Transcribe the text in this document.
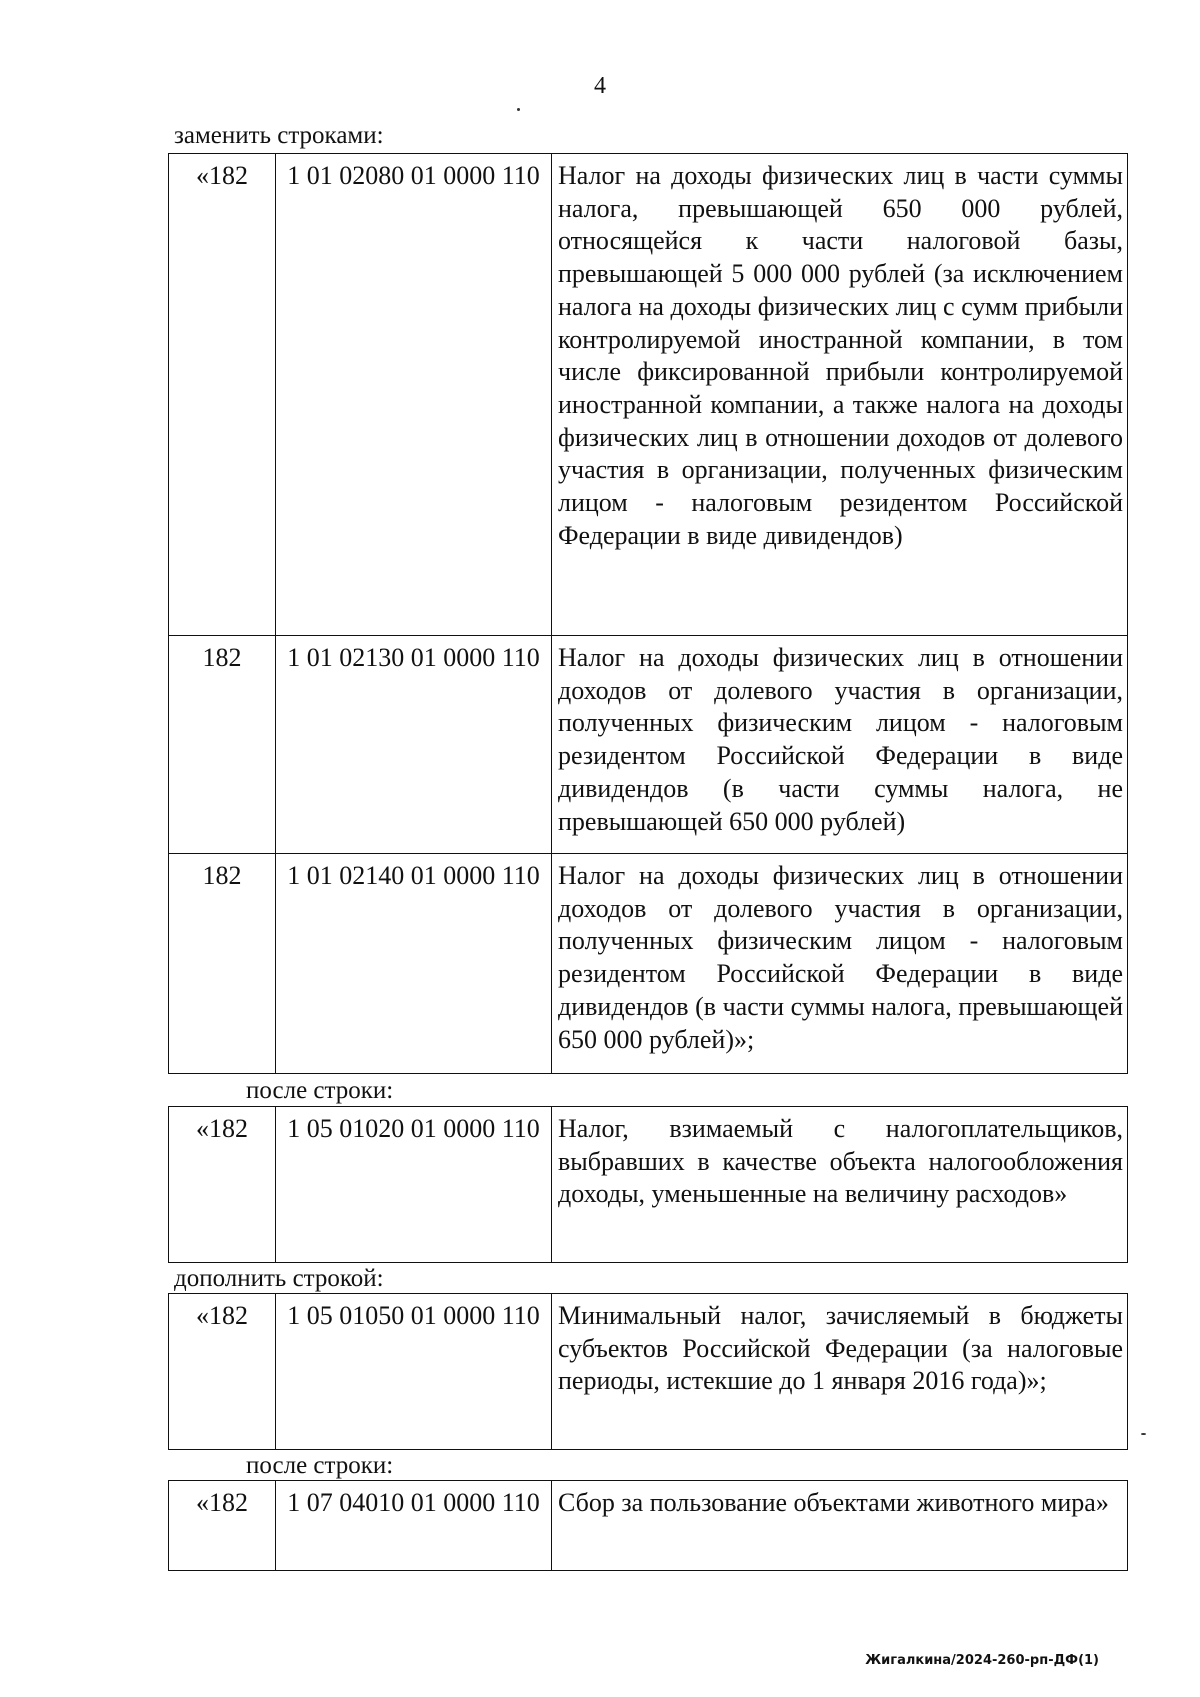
4
заменить строками:
«182	1 01 02080 01 0000 110	Налог на доходы физических лиц в части суммы налога, превышающей 650 000 рублей, относящейся к части налоговой базы, превышающей 5 000 000 рублей (за исключением налога на доходы физических лиц с сумм прибыли контролируемой иностранной компании, в том числе фиксированной прибыли контролируемой иностранной компании, а также налога на доходы физических лиц в отношении доходов от долевого участия в организации, полученных физическим лицом - налоговым резидентом Российской Федерации в виде дивидендов)
182	1 01 02130 01 0000 110	Налог на доходы физических лиц в отношении доходов от долевого участия в организации, полученных физическим лицом - налоговым резидентом Российской Федерации в виде дивидендов (в части суммы налога, не превышающей 650 000 рублей)
182	1 01 02140 01 0000 110	Налог на доходы физических лиц в отношении доходов от долевого участия в организации, полученных физическим лицом - налоговым резидентом Российской Федерации в виде дивидендов (в части суммы налога, превышающей 650 000 рублей)»;
после строки:
«182	1 05 01020 01 0000 110	Налог, взимаемый с налогоплательщиков, выбравших в качестве объекта налогообложения доходы, уменьшенные на величину расходов»
дополнить строкой:
«182	1 05 01050 01 0000 110	Минимальный налог, зачисляемый в бюджеты субъектов Российской Федерации (за налоговые периоды, истекшие до 1 января 2016 года)»;
после строки:
«182	1 07 04010 01 0000 110	Сбор за пользование объектами животного мира»
Жигалкина/2024-260-рп-ДФ(1)
